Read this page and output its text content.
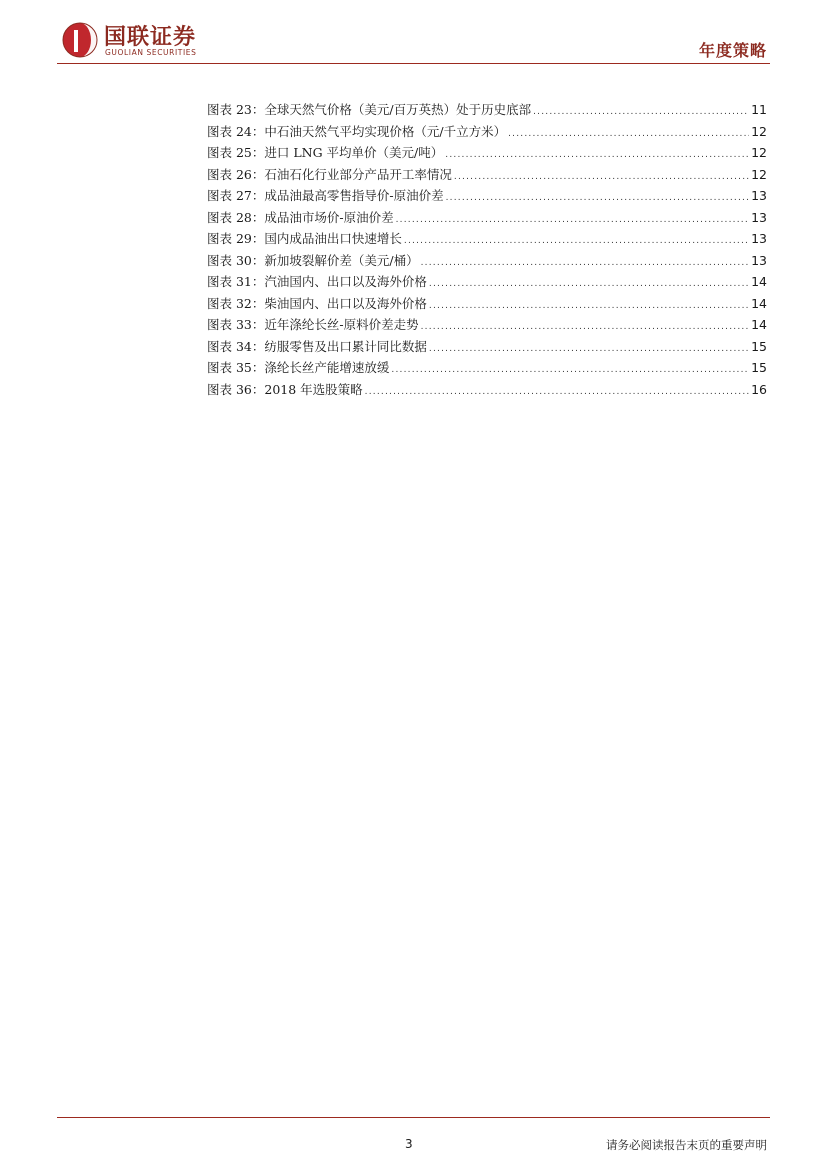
国联证券
GUOLIAN SECURITIES	年度策略
图表 23：全球天然气价格（美元/百万英热）处于历史底部 .....	11
图表 24：中石油天然气平均实现价格（元/千立方米） .....	12
图表 25：进口 LNG 平均单价（美元/吨） .....	12
图表 26：石油石化行业部分产品开工率情况 .....	12
图表 27：成品油最高零售指导价-原油价差 .....	13
图表 28：成品油市场价-原油价差 .....	13
图表 29：国内成品油出口快速增长 .....	13
图表 30：新加坡裂解价差（美元/桶） .....	13
图表 31：汽油国内、出口以及海外价格 .....	14
图表 32：柴油国内、出口以及海外价格 .....	14
图表 33：近年涤纶长丝-原料价差走势 .....	14
图表 34：纺服零售及出口累计同比数据 .....	15
图表 35：涤纶长丝产能增速放缓 .....	15
图表 36：2018 年选股策略 .....	16
3	请务必阅读报告末页的重要声明
